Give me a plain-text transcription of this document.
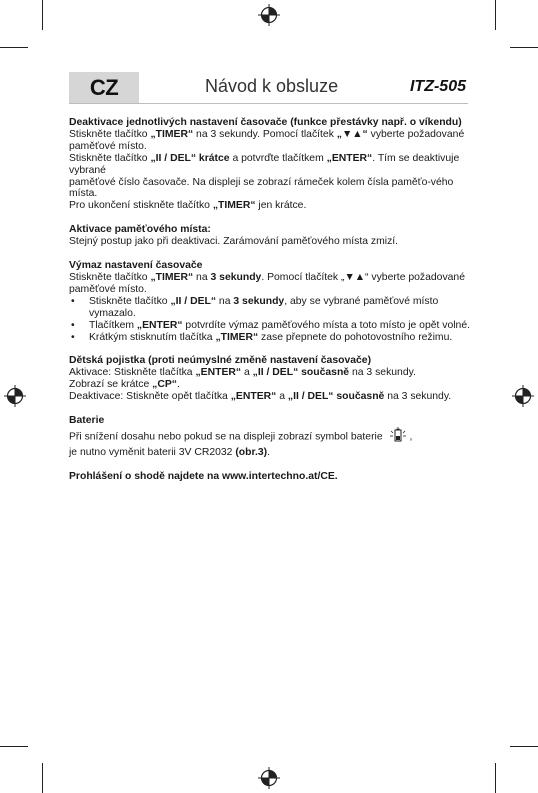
CZ	Návod k obsluze	ITZ-505

Deaktivace jednotlivých nastavení časovače (funkce přestávky např. o víkendu)

Stiskněte tlačítko „TIMER“ na 3 sekundy. Pomocí tlačítek „▼▲“ vyberte požadované paměťové místo.

Stiskněte tlačítko „II / DEL“ krátce a potvrďte tlačítkem „ENTER“. Tím se deaktivuje vybrané

paměťové číslo časovače. Na displeji se zobrazí rámeček kolem čísla paměťo-vého místa.

Pro ukončení stiskněte tlačítko „TIMER“ jen krátce.

Aktivace paměťového místa:

Stejný postup jako při deaktivaci. Zarámování paměťového místa zmizí.

Výmaz nastavení časovače

Stiskněte tlačítko „TIMER“ na 3 sekundy. Pomocí tlačítek „▼▲“ vyberte požadované paměťové místo.

• Stiskněte tlačítko „II / DEL“ na 3 sekundy, aby se vybrané paměťové místo vymazalo.

• Tlačítkem „ENTER“ potvrdíte výmaz paměťového místa a toto místo je opět volné.

• Krátkým stisknutím tlačítka „TIMER“ zase přepnete do pohotovostního režimu.

Dětská pojistka (proti neúmyslné změně nastavení časovače)

Aktivace: Stiskněte tlačítka „ENTER“ a „II / DEL“ současně na 3 sekundy.

Zobrazí se krátce „CP“.

Deaktivace: Stiskněte opět tlačítka „ENTER“ a „II / DEL“ současně na 3 sekundy.

Baterie

Při snížení dosahu nebo pokud se na displeji zobrazí symbol baterie ,

je nutno vyměnit baterii 3V CR2032 (obr.3).

Prohlášení o shodě najdete na www.intertechno.at/CE.
